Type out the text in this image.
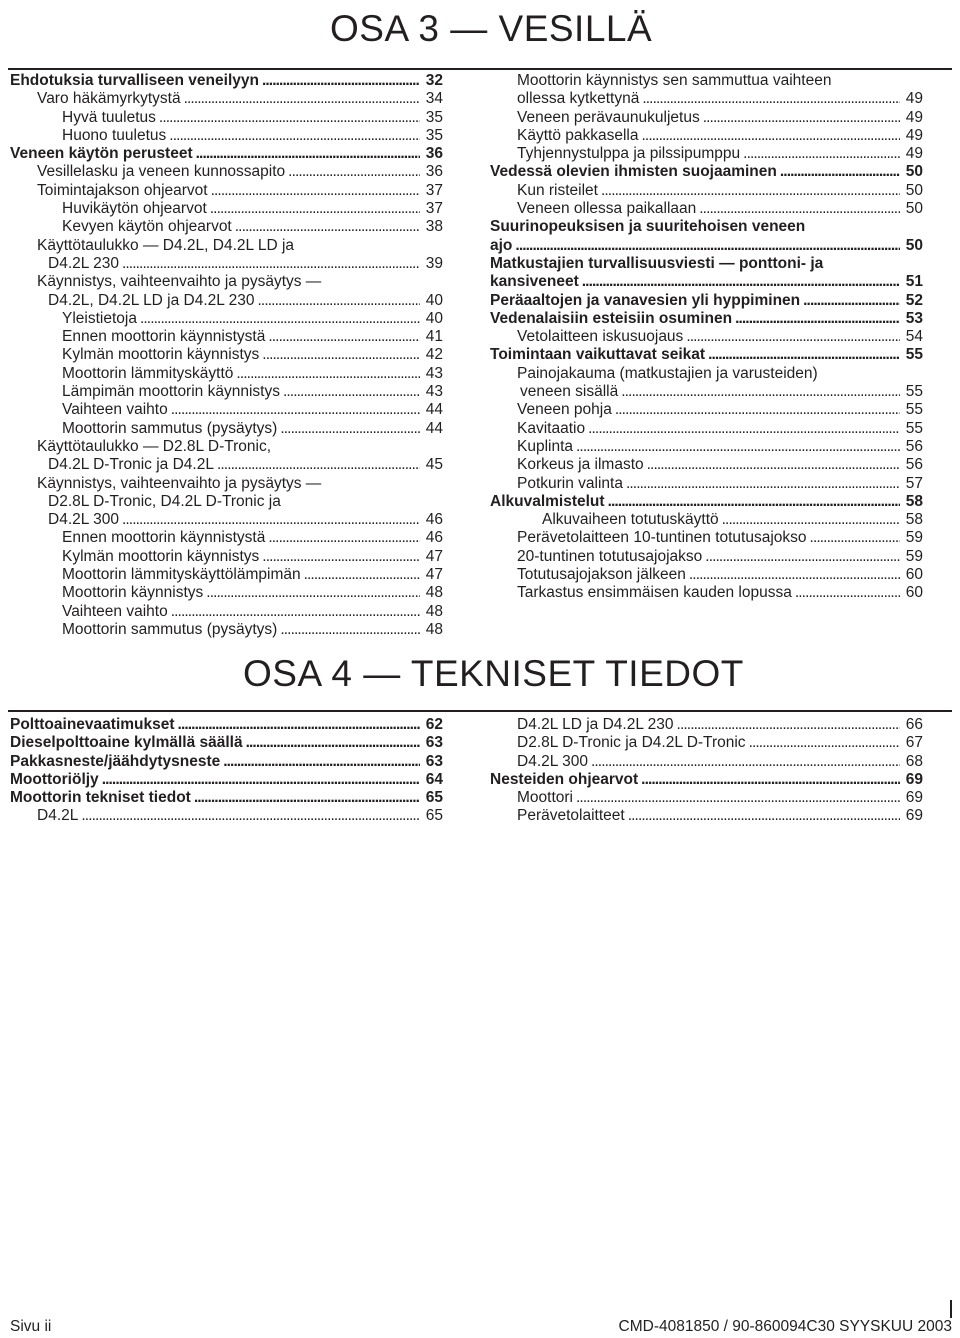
OSA 3 — VESILLÄ
Ehdotuksia turvalliseen veneilyyn . . .	32
Varo häkämyrkytystä . . .	34
Hyvä tuuletus . . .	35
Huono tuuletus . . .	35
Veneen käytön perusteet . . .	36
Vesillelasku ja veneen kunnossapito . . .	36
Toimintajakson ohjearvot . . .	37
Huvikäytön ohjearvot . . .	37
Kevyen käytön ohjearvot . . .	38
Käyttötaulukko — D4.2L, D4.2L LD ja
D4.2L 230 . . .	39
Käynnistys, vaihteenvaihto ja pysäytys —
D4.2L, D4.2L LD ja D4.2L 230 . . .	40
Yleistietoja . . .	40
Ennen moottorin käynnistystä . . .	41
Kylmän moottorin käynnistys . . .	42
Moottorin lämmityskäyttö . . .	43
Lämpimän moottorin käynnistys . . .	43
Vaihteen vaihto . . .	44
Moottorin sammutus (pysäytys) . . .	44
Käyttötaulukko — D2.8L D-Tronic,
D4.2L D-Tronic ja D4.2L . . .	45
Käynnistys, vaihteenvaihto ja pysäytys —
D2.8L D-Tronic, D4.2L D-Tronic ja
D4.2L 300 . . .	46
Ennen moottorin käynnistystä . . .	46
Kylmän moottorin käynnistys . . .	47
Moottorin lämmityskäyttölämpimän . . .	47
Moottorin käynnistys . . .	48
Vaihteen vaihto . . .	48
Moottorin sammutus (pysäytys) . . .	48
Moottorin käynnistys sen sammuttua vaihteen
ollessa kytkettynä . . .	49
Veneen perävaunukuljetus . . .	49
Käyttö pakkasella . . .	49
Tyhjennystulppa ja pilssipumppu . . .	49
Vedessä olevien ihmisten suojaaminen . . .	50
Kun risteilet . . .	50
Veneen ollessa paikallaan . . .	50
Suurinopeuksisen ja suuritehoisen veneen
ajo . . .	50
Matkustajien turvallisuusviesti — ponttoni- ja
kansiveneet . . .	51
Peräaaltojen ja vanavesien yli hyppiminen . . .	52
Vedenalaisiin esteisiin osuminen . . .	53
Vetolaitteen iskusuojaus . . .	54
Toimintaan vaikuttavat seikat . . .	55
Painojakauma (matkustajien ja varusteiden)
veneen sisällä . . .	55
Veneen pohja . . .	55
Kavitaatio . . .	55
Kuplinta . . .	56
Korkeus ja ilmasto . . .	56
Potkurin valinta . . .	57
Alkuvalmistelut . . .	58
Alkuvaiheen totutuskäyttö . . .	58
Perävetolaitteen 10-tuntinen totutusajokso . . .	59
20-tuntinen totutusajojakso . . .	59
Totutusajojakson jälkeen . . .	60
Tarkastus ensimmäisen kauden lopussa . . .	60
OSA 4 — TEKNISET TIEDOT
Polttoainevaatimukset . . .	62
Dieselpolttoaine kylmällä säällä . . .	63
Pakkasneste/jäähdytysneste . . .	63
Moottoriöljy . . .	64
Moottorin tekniset tiedot . . .	65
D4.2L . . .	65
D4.2L LD ja D4.2L 230 . . .	66
D2.8L D-Tronic ja D4.2L D-Tronic . . .	67
D4.2L 300 . . .	68
Nesteiden ohjearvot . . .	69
Moottori . . .	69
Perävetolaitteet . . .	69
Sivu ii	CMD-4081850 / 90-860094C30 SYYSKUU 2003
